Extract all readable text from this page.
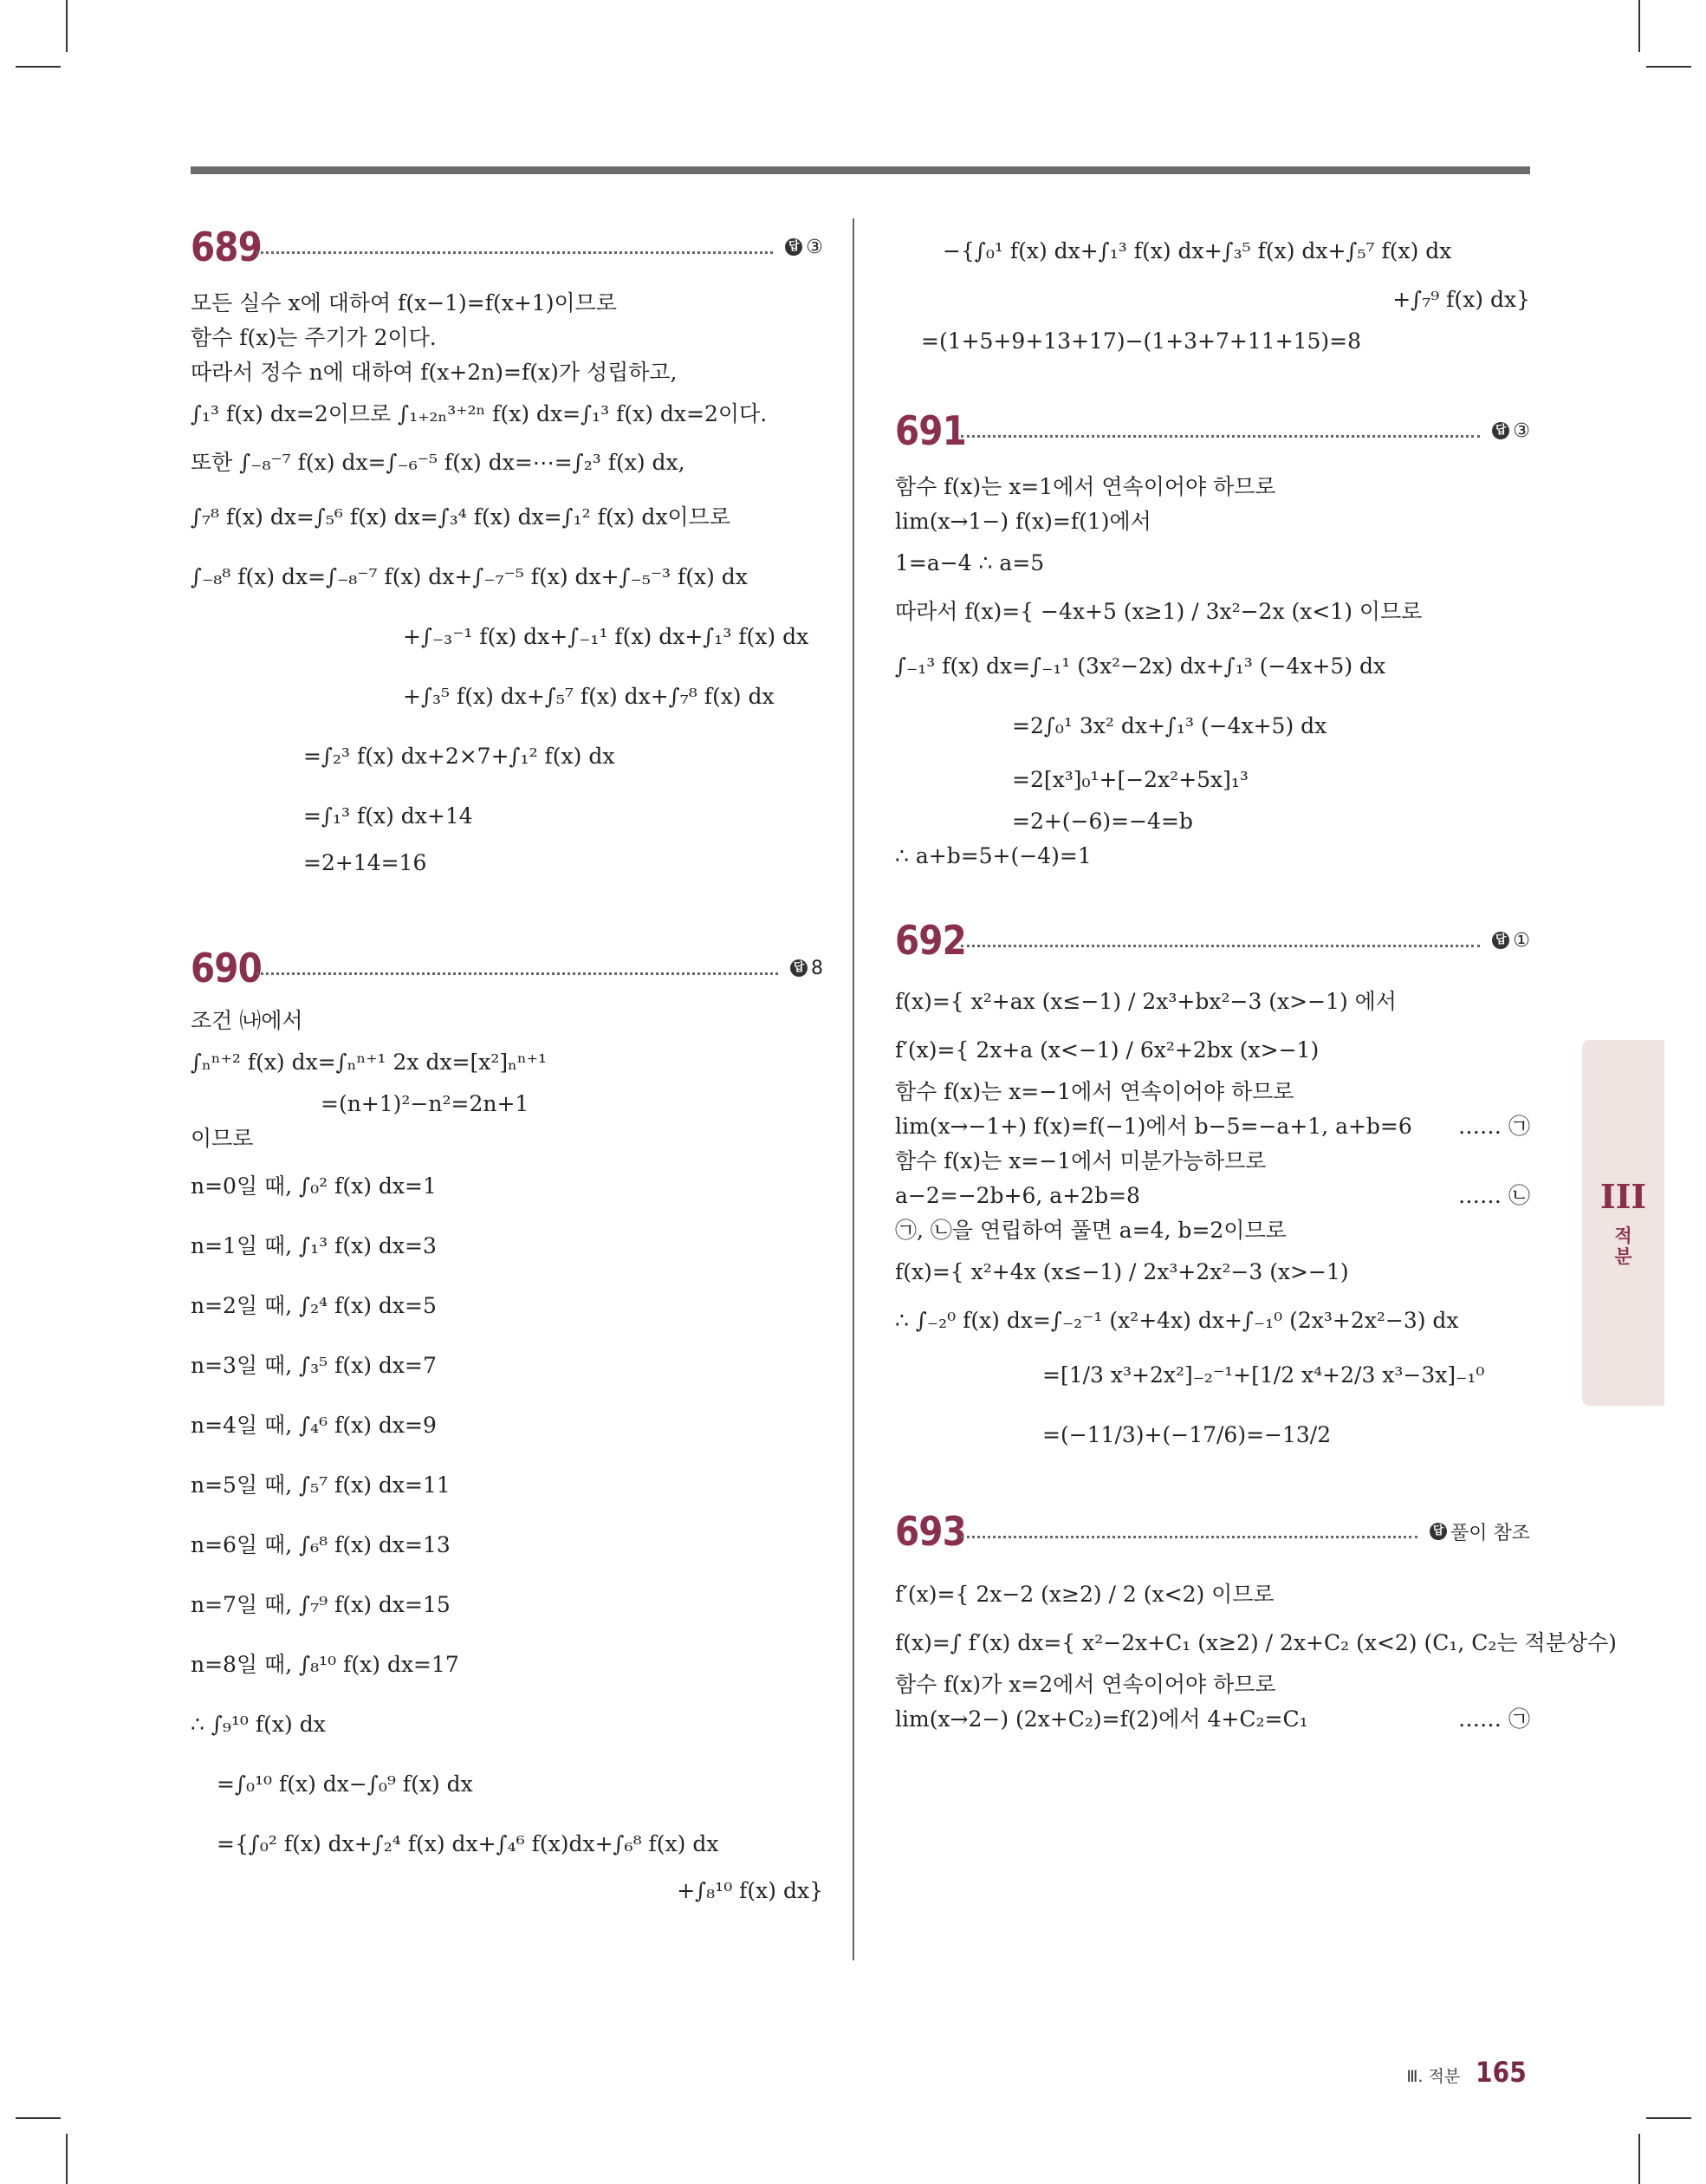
689	답 ③
모든 실수 x에 대하여 f(x−1)=f(x+1)이므로
함수 f(x)는 주기가 2이다.
따라서 정수 n에 대하여 f(x+2n)=f(x)가 성립하고,
∫₁³ f(x) dx=2이므로 ∫₁₊₂ₙ³⁺²ⁿ f(x) dx=∫₁³ f(x) dx=2이다.
또한 ∫₋₈⁻⁷ f(x) dx=∫₋₆⁻⁵ f(x) dx=⋯=∫₂³ f(x) dx,
∫₇⁸ f(x) dx=∫₅⁶ f(x) dx=∫₃⁴ f(x) dx=∫₁² f(x) dx이므로
∫₋₈⁸ f(x) dx=∫₋₈⁻⁷ f(x) dx+∫₋₇⁻⁵ f(x) dx+∫₋₅⁻³ f(x) dx
+∫₋₃⁻¹ f(x) dx+∫₋₁¹ f(x) dx+∫₁³ f(x) dx
+∫₃⁵ f(x) dx+∫₅⁷ f(x) dx+∫₇⁸ f(x) dx
=∫₂³ f(x) dx+2×7+∫₁² f(x) dx
=∫₁³ f(x) dx+14
=2+14=16
690	답 8
조건 ㈏에서
∫ₙⁿ⁺² f(x) dx=∫ₙⁿ⁺¹ 2x dx=[x²]ₙⁿ⁺¹
=(n+1)²−n²=2n+1
이므로
n=0일 때, ∫₀² f(x) dx=1
n=1일 때, ∫₁³ f(x) dx=3
n=2일 때, ∫₂⁴ f(x) dx=5
n=3일 때, ∫₃⁵ f(x) dx=7
n=4일 때, ∫₄⁶ f(x) dx=9
n=5일 때, ∫₅⁷ f(x) dx=11
n=6일 때, ∫₆⁸ f(x) dx=13
n=7일 때, ∫₇⁹ f(x) dx=15
n=8일 때, ∫₈¹⁰ f(x) dx=17
∴ ∫₉¹⁰ f(x) dx
=∫₀¹⁰ f(x) dx−∫₀⁹ f(x) dx
={∫₀² f(x) dx+∫₂⁴ f(x) dx+∫₄⁶ f(x)dx+∫₆⁸ f(x) dx
+∫₈¹⁰ f(x) dx}
−{∫₀¹ f(x) dx+∫₁³ f(x) dx+∫₃⁵ f(x) dx+∫₅⁷ f(x) dx
+∫₇⁹ f(x) dx}
=(1+5+9+13+17)−(1+3+7+11+15)=8
691	답 ③
함수 f(x)는 x=1에서 연속이어야 하므로
lim(x→1−) f(x)=f(1)에서
1=a−4 ∴ a=5
따라서 f(x)={ −4x+5 (x≥1) / 3x²−2x (x<1) 이므로
∫₋₁³ f(x) dx=∫₋₁¹ (3x²−2x) dx+∫₁³ (−4x+5) dx
=2∫₀¹ 3x² dx+∫₁³ (−4x+5) dx
=2[x³]₀¹+[−2x²+5x]₁³
=2+(−6)=−4=b
∴ a+b=5+(−4)=1
692	답 ①
f(x)={ x²+ax (x≤−1) / 2x³+bx²−3 (x>−1) 에서
f′(x)={ 2x+a (x<−1) / 6x²+2bx (x>−1)
함수 f(x)는 x=−1에서 연속이어야 하므로
lim(x→−1+) f(x)=f(−1)에서 b−5=−a+1, a+b=6 …… ㉠
함수 f(x)는 x=−1에서 미분가능하므로
a−2=−2b+6, a+2b=8	…… ㉡
㉠, ㉡을 연립하여 풀면 a=4, b=2이므로
f(x)={ x²+4x (x≤−1) / 2x³+2x²−3 (x>−1)
∴ ∫₋₂⁰ f(x) dx=∫₋₂⁻¹ (x²+4x) dx+∫₋₁⁰ (2x³+2x²−3) dx
=[1/3 x³+2x²]₋₂⁻¹+[1/2 x⁴+2/3 x³−3x]₋₁⁰
=(−11/3)+(−17/6)=−13/2
693	답 풀이 참조
f′(x)={ 2x−2 (x≥2) / 2 (x<2) 이므로
f(x)=∫ f′(x) dx={ x²−2x+C₁ (x≥2) / 2x+C₂ (x<2) (C₁, C₂는 적분상수)
함수 f(x)가 x=2에서 연속이어야 하므로
lim(x→2−) (2x+C₂)=f(2)에서 4+C₂=C₁	…… ㉠
III
적
분
Ⅲ. 적분 165
